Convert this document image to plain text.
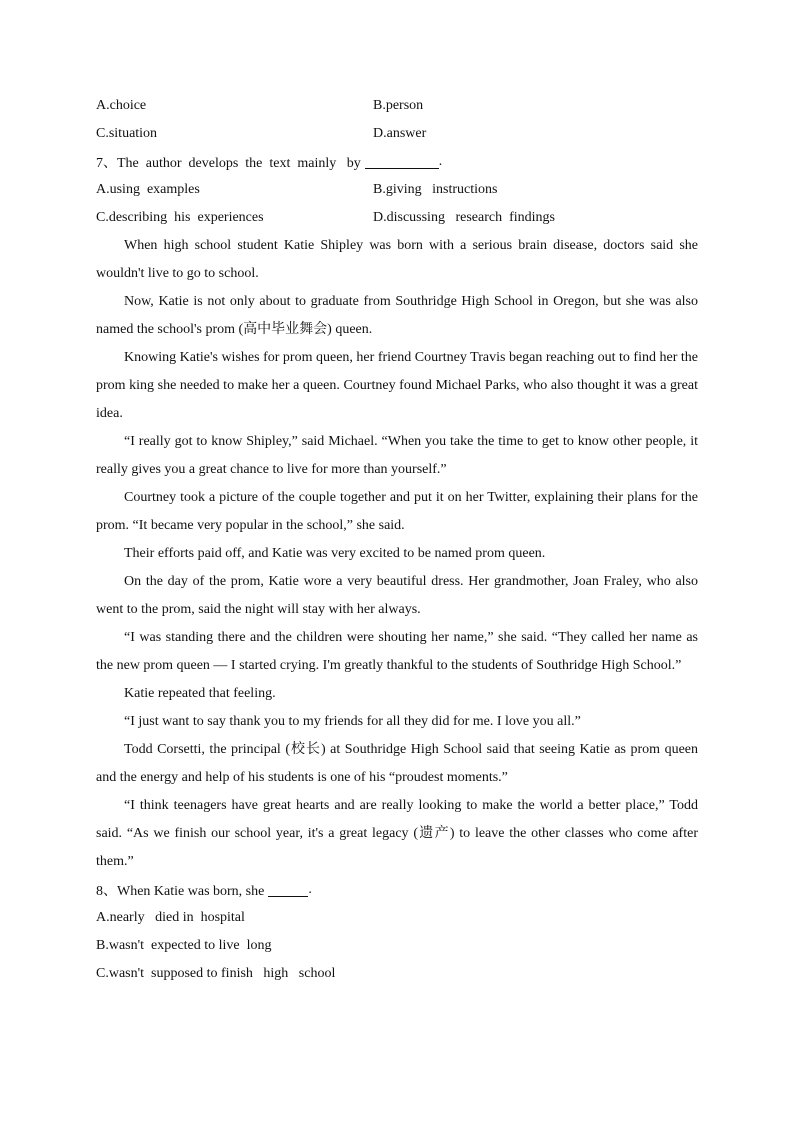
A.choice	B.person
C.situation	D.answer
7、The  author  develops  the  text  mainly   by	.
A.using  examples	B.giving   instructions
C.describing  his  experiences	D.discussing   research  findings

When high school student Katie Shipley was born with a serious brain disease, doctors said she wouldn't live to go to school.

Now, Katie is not only about to graduate from Southridge High School in Oregon, but she was also named the school's prom (高中毕业舞会) queen.

Knowing Katie's wishes for prom queen, her friend Courtney Travis began reaching out to find her the prom king she needed to make her a queen. Courtney found Michael Parks, who also thought it was a great idea.

“I really got to know Shipley,” said Michael. “When you take the time to get to know other people, it really gives you a great chance to live for more than yourself.”

Courtney took a picture of the couple together and put it on her Twitter, explaining their plans for the prom. “It became very popular in the school,” she said.

Their efforts paid off, and Katie was very excited to be named prom queen.

On the day of the prom, Katie wore a very beautiful dress. Her grandmother, Joan Fraley, who also went to the prom, said the night will stay with her always.

“I was standing there and the children were shouting her name,” she said. “They called her name as the new prom queen — I started crying. I'm greatly thankful to the students of Southridge High School.”

Katie repeated that feeling.

“I just want to say thank you to my friends for all they did for me. I love you all.”

Todd Corsetti, the principal (校长) at Southridge High School said that seeing Katie as prom queen and the energy and help of his students is one of his “proudest moments.”

“I think teenagers have great hearts and are really looking to make the world a better place,” Todd said. “As we finish our school year, it's a great legacy (遗产) to leave the other classes who come after them.”

8、When Katie was born, she	.
A.nearly   died in  hospital
B.wasn't  expected to live  long
C.wasn't  supposed to finish   high   school
